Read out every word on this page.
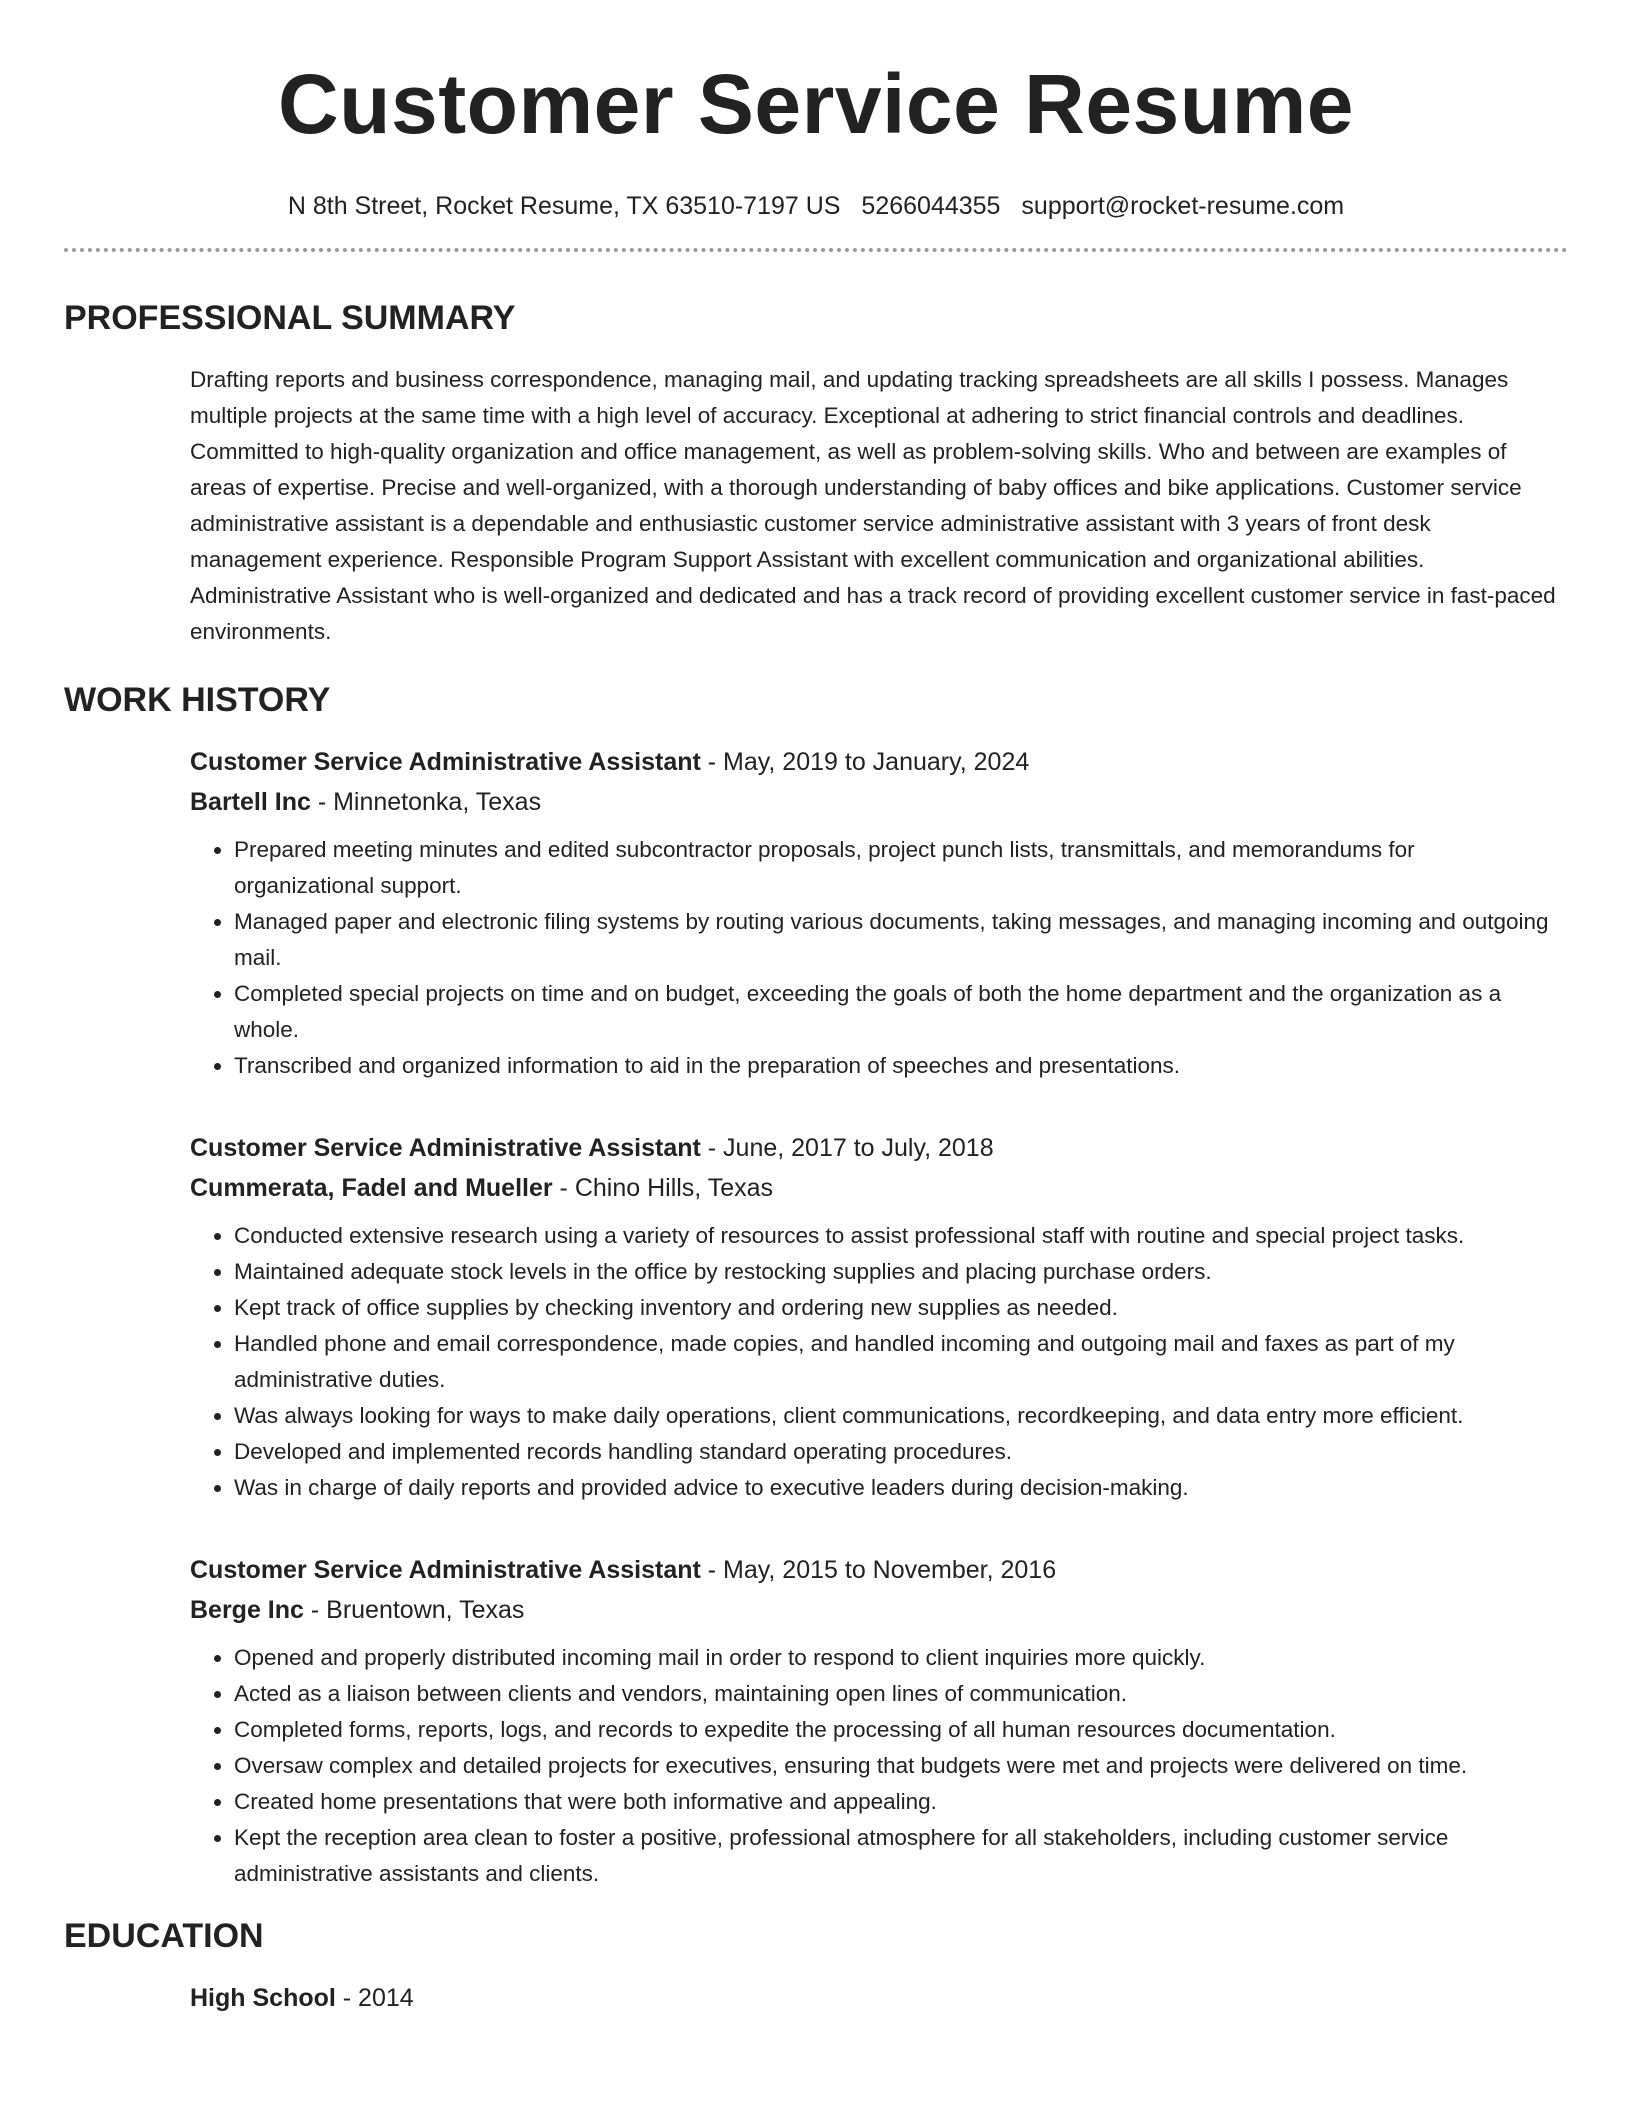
Customer Service Resume
N 8th Street, Rocket Resume, TX 63510-7197 US 5266044355 support@rocket-resume.com
PROFESSIONAL SUMMARY

Drafting reports and business correspondence, managing mail, and updating tracking spreadsheets are all skills I possess. Manages multiple projects at the same time with a high level of accuracy. Exceptional at adhering to strict financial controls and deadlines. Committed to high-quality organization and office management, as well as problem-solving skills. Who and between are examples of areas of expertise. Precise and well-organized, with a thorough understanding of baby offices and bike applications. Customer service administrative assistant is a dependable and enthusiastic customer service administrative assistant with 3 years of front desk management experience. Responsible Program Support Assistant with excellent communication and organizational abilities. Administrative Assistant who is well-organized and dedicated and has a track record of providing excellent customer service in fast-paced environments.

WORK HISTORY
Customer Service Administrative Assistant - May, 2019 to January, 2024
Bartell Inc - Minnetonka, Texas
• Prepared meeting minutes and edited subcontractor proposals, project punch lists, transmittals, and memorandums for organizational support.
• Managed paper and electronic filing systems by routing various documents, taking messages, and managing incoming and outgoing mail.
• Completed special projects on time and on budget, exceeding the goals of both the home department and the organization as a whole.
• Transcribed and organized information to aid in the preparation of speeches and presentations.
Customer Service Administrative Assistant - June, 2017 to July, 2018
Cummerata, Fadel and Mueller - Chino Hills, Texas
• Conducted extensive research using a variety of resources to assist professional staff with routine and special project tasks.
• Maintained adequate stock levels in the office by restocking supplies and placing purchase orders.
• Kept track of office supplies by checking inventory and ordering new supplies as needed.
• Handled phone and email correspondence, made copies, and handled incoming and outgoing mail and faxes as part of my administrative duties.
• Was always looking for ways to make daily operations, client communications, recordkeeping, and data entry more efficient.
• Developed and implemented records handling standard operating procedures.
• Was in charge of daily reports and provided advice to executive leaders during decision-making.
Customer Service Administrative Assistant - May, 2015 to November, 2016
Berge Inc - Bruentown, Texas
• Opened and properly distributed incoming mail in order to respond to client inquiries more quickly.
• Acted as a liaison between clients and vendors, maintaining open lines of communication.
• Completed forms, reports, logs, and records to expedite the processing of all human resources documentation.
• Oversaw complex and detailed projects for executives, ensuring that budgets were met and projects were delivered on time.
• Created home presentations that were both informative and appealing.
• Kept the reception area clean to foster a positive, professional atmosphere for all stakeholders, including customer service administrative assistants and clients.
EDUCATION
High School - 2014
